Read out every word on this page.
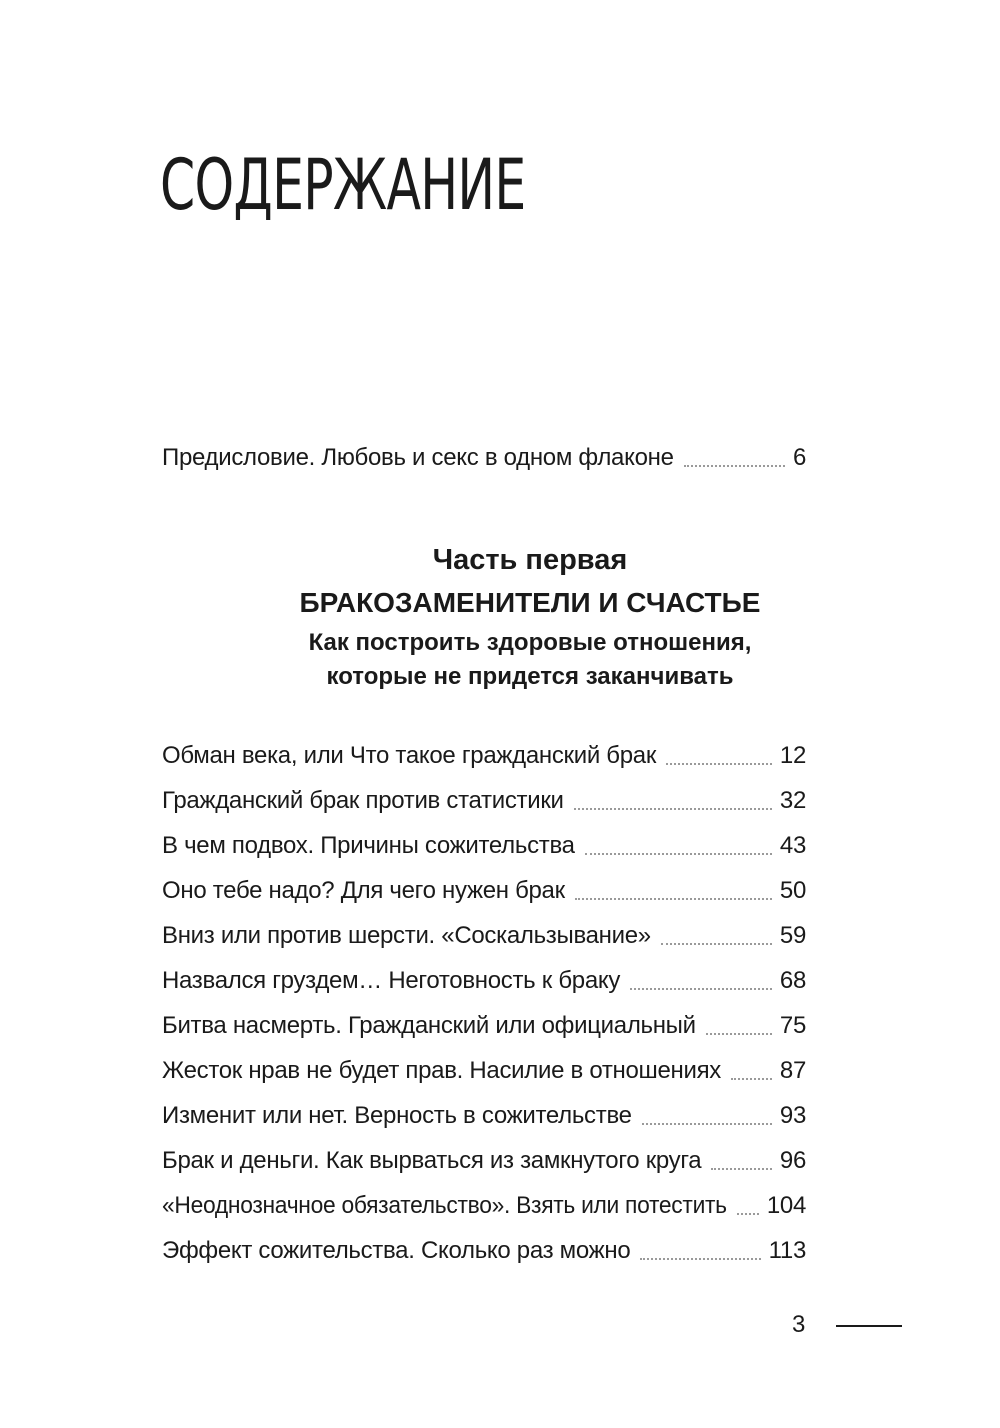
СОДЕРЖАНИЕ
Предисловие. Любовь и секс в одном флаконе	6
Часть первая
БРАКОЗАМЕНИТЕЛИ И СЧАСТЬЕ
Как построить здоровые отношения,
которые не придется заканчивать
Обман века, или Что такое гражданский брак	12
Гражданский брак против статистики	32
В чем подвох. Причины сожительства	43
Оно тебе надо? Для чего нужен брак	50
Вниз или против шерсти. «Соскальзывание»	59
Назвался груздем… Неготовность к браку	68
Битва насмерть. Гражданский или официальный	75
Жесток нрав не будет прав. Насилие в отношениях 87
Изменит или нет. Верность в сожительстве	93
Брак и деньги. Как вырваться из замкнутого круга	96
«Неоднозначное обязательство». Взять или потестить 104
Эффект сожительства. Сколько раз можно	113
3
